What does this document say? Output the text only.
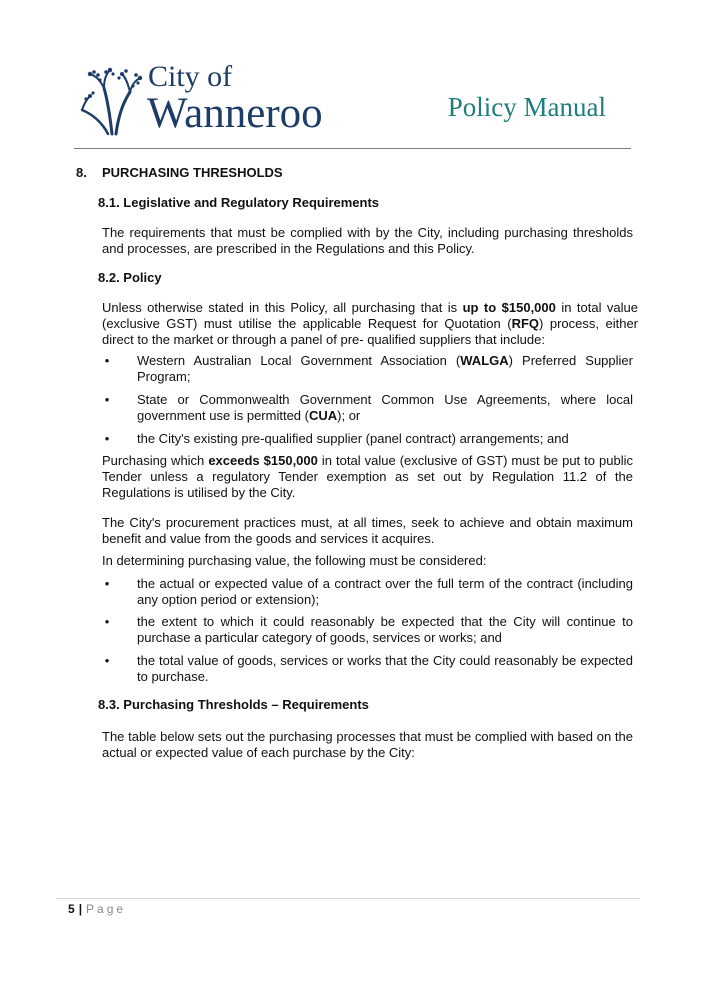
City of
Wanneroo	Policy Manual
8. PURCHASING THRESHOLDS
8.1. Legislative and Regulatory Requirements
The requirements that must be complied with by the City, including purchasing thresholds and processes, are prescribed in the Regulations and this Policy.
8.2. Policy
Unless otherwise stated in this Policy, all purchasing that is up to $150,000 in total value (exclusive GST) must utilise the applicable Request for Quotation (RFQ) process, either direct to the market or through a panel of pre- qualified suppliers that include:
• Western Australian Local Government Association (WALGA) Preferred Supplier Program;
• State or Commonwealth Government Common Use Agreements, where local government use is permitted (CUA); or
• the City's existing pre-qualified supplier (panel contract) arrangements; and
Purchasing which exceeds $150,000 in total value (exclusive of GST) must be put to public Tender unless a regulatory Tender exemption as set out by Regulation 11.2 of the Regulations is utilised by the City.
The City's procurement practices must, at all times, seek to achieve and obtain maximum benefit and value from the goods and services it acquires.
In determining purchasing value, the following must be considered:
• the actual or expected value of a contract over the full term of the contract (including any option period or extension);
• the extent to which it could reasonably be expected that the City will continue to purchase a particular category of goods, services or works; and
• the total value of goods, services or works that the City could reasonably be expected to purchase.
8.3. Purchasing Thresholds – Requirements
The table below sets out the purchasing processes that must be complied with based on the actual or expected value of each purchase by the City:
5 | Page
